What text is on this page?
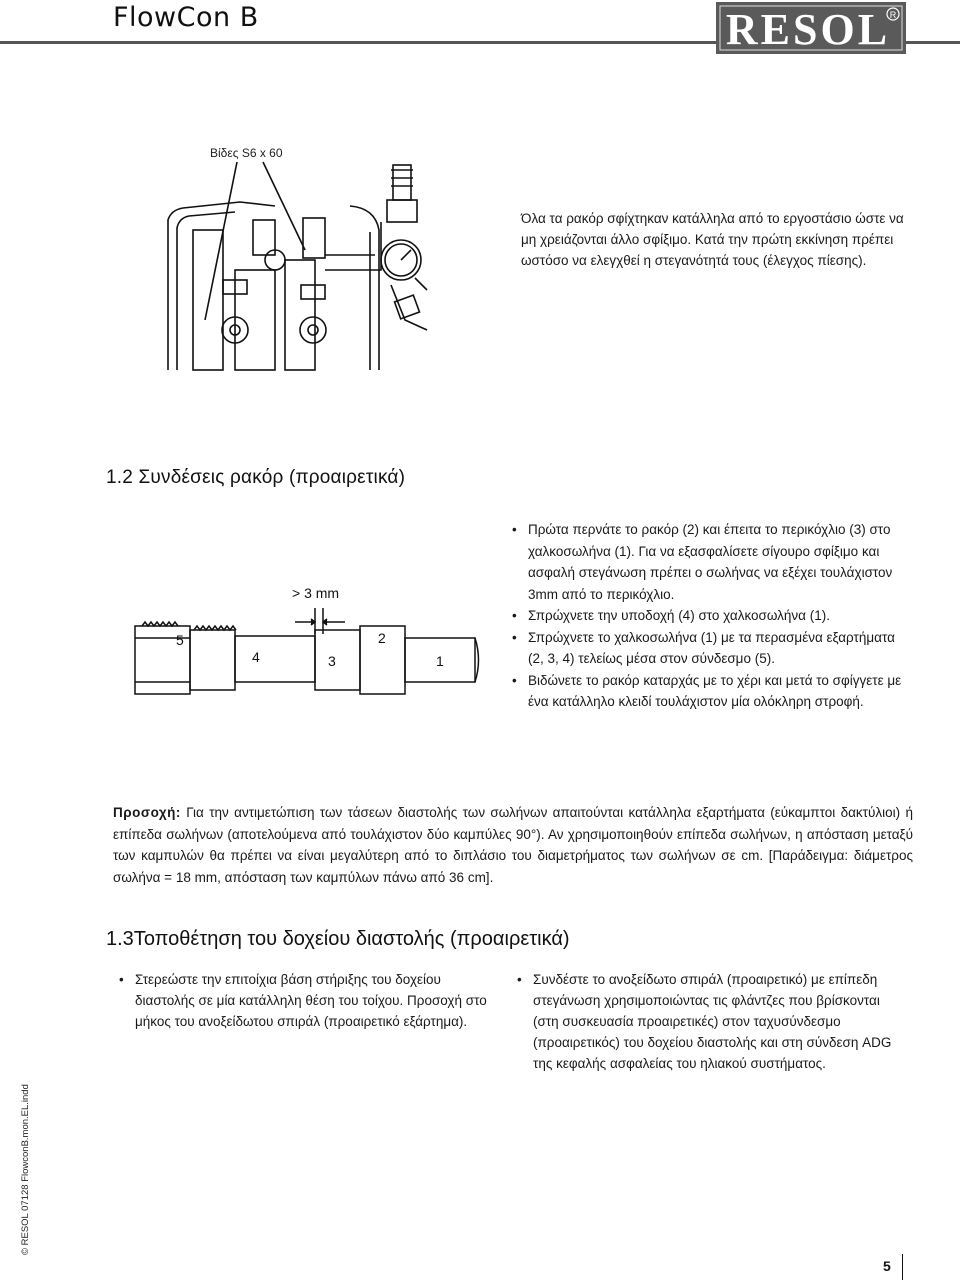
FlowCon B	RESOL R
Βίδες S6 x 60
Όλα τα ρακόρ σφίχτηκαν κατάλληλα από το εργοστάσιο ώστε να μη χρειάζονται άλλο σφίξιμο. Κατά την πρώτη εκκίνηση πρέπει ωστόσο να ελεγχθεί η στεγανότητά τους (έλεγχος πίεσης).
1.2 Συνδέσεις ρακόρ (προαιρετικά)
> 3 mm
5
4	3
2
1
• Πρώτα περνάτε το ρακόρ (2) και έπειτα το περικόχλιο (3) στο χαλκοσωλήνα (1). Για να εξασφαλίσετε σίγουρο σφίξιμο και ασφαλή στεγάνωση πρέπει ο σωλήνας να εξέχει τουλάχιστον 3mm από το περικόχλιο.
• Σπρώχνετε την υποδοχή (4) στο χαλκοσωλήνα (1).
• Σπρώχνετε το χαλκοσωλήνα (1) με τα περασμένα εξαρτήματα (2, 3, 4) τελείως μέσα στον σύνδεσμο (5).
• Βιδώνετε το ρακόρ καταρχάς με το χέρι και μετά το σφίγγετε με ένα κατάλληλο κλειδί τουλάχιστον μία ολόκληρη στροφή.
Προσοχή: Για την αντιμετώπιση των τάσεων διαστολής των σωλήνων απαιτούνται κατάλληλα εξαρτήματα (εύκαμπτοι δακτύλιοι) ή επίπεδα σωλήνων (αποτελούμενα από τουλάχιστον δύο καμπύλες 90°). Αν χρησιμοποιηθούν επίπεδα σωλήνων, η απόσταση μεταξύ των καμπυλών θα πρέπει να είναι μεγαλύτερη από το διπλάσιο του διαμετρήματος των σωλήνων σε cm. [Παράδειγμα: διάμετρος σωλήνα = 18 mm, απόσταση των καμπύλων πάνω από 36 cm].
1.3Τοποθέτηση του δοχείου διαστολής (προαιρετικά)
• Στερεώστε την επιτοίχια βάση στήριξης του δοχείου διαστολής σε μία κατάλληλη θέση του τοίχου. Προσοχή στο μήκος του ανοξείδωτου σπιράλ (προαιρετικό εξάρτημα).
• Συνδέστε το ανοξείδωτο σπιράλ (προαιρετικό) με επίπεδη στεγάνωση χρησιμοποιώντας τις φλάντζες που βρίσκονται (στη συσκευασία προαιρετικές) στον ταχυσύνδεσμο (προαιρετικός) του δοχείου διαστολής και στη σύνδεση ADG της κεφαλής ασφαλείας του ηλιακού συστήματος.
© RESOL 07128 FlowconB.mon.EL.indd
5
